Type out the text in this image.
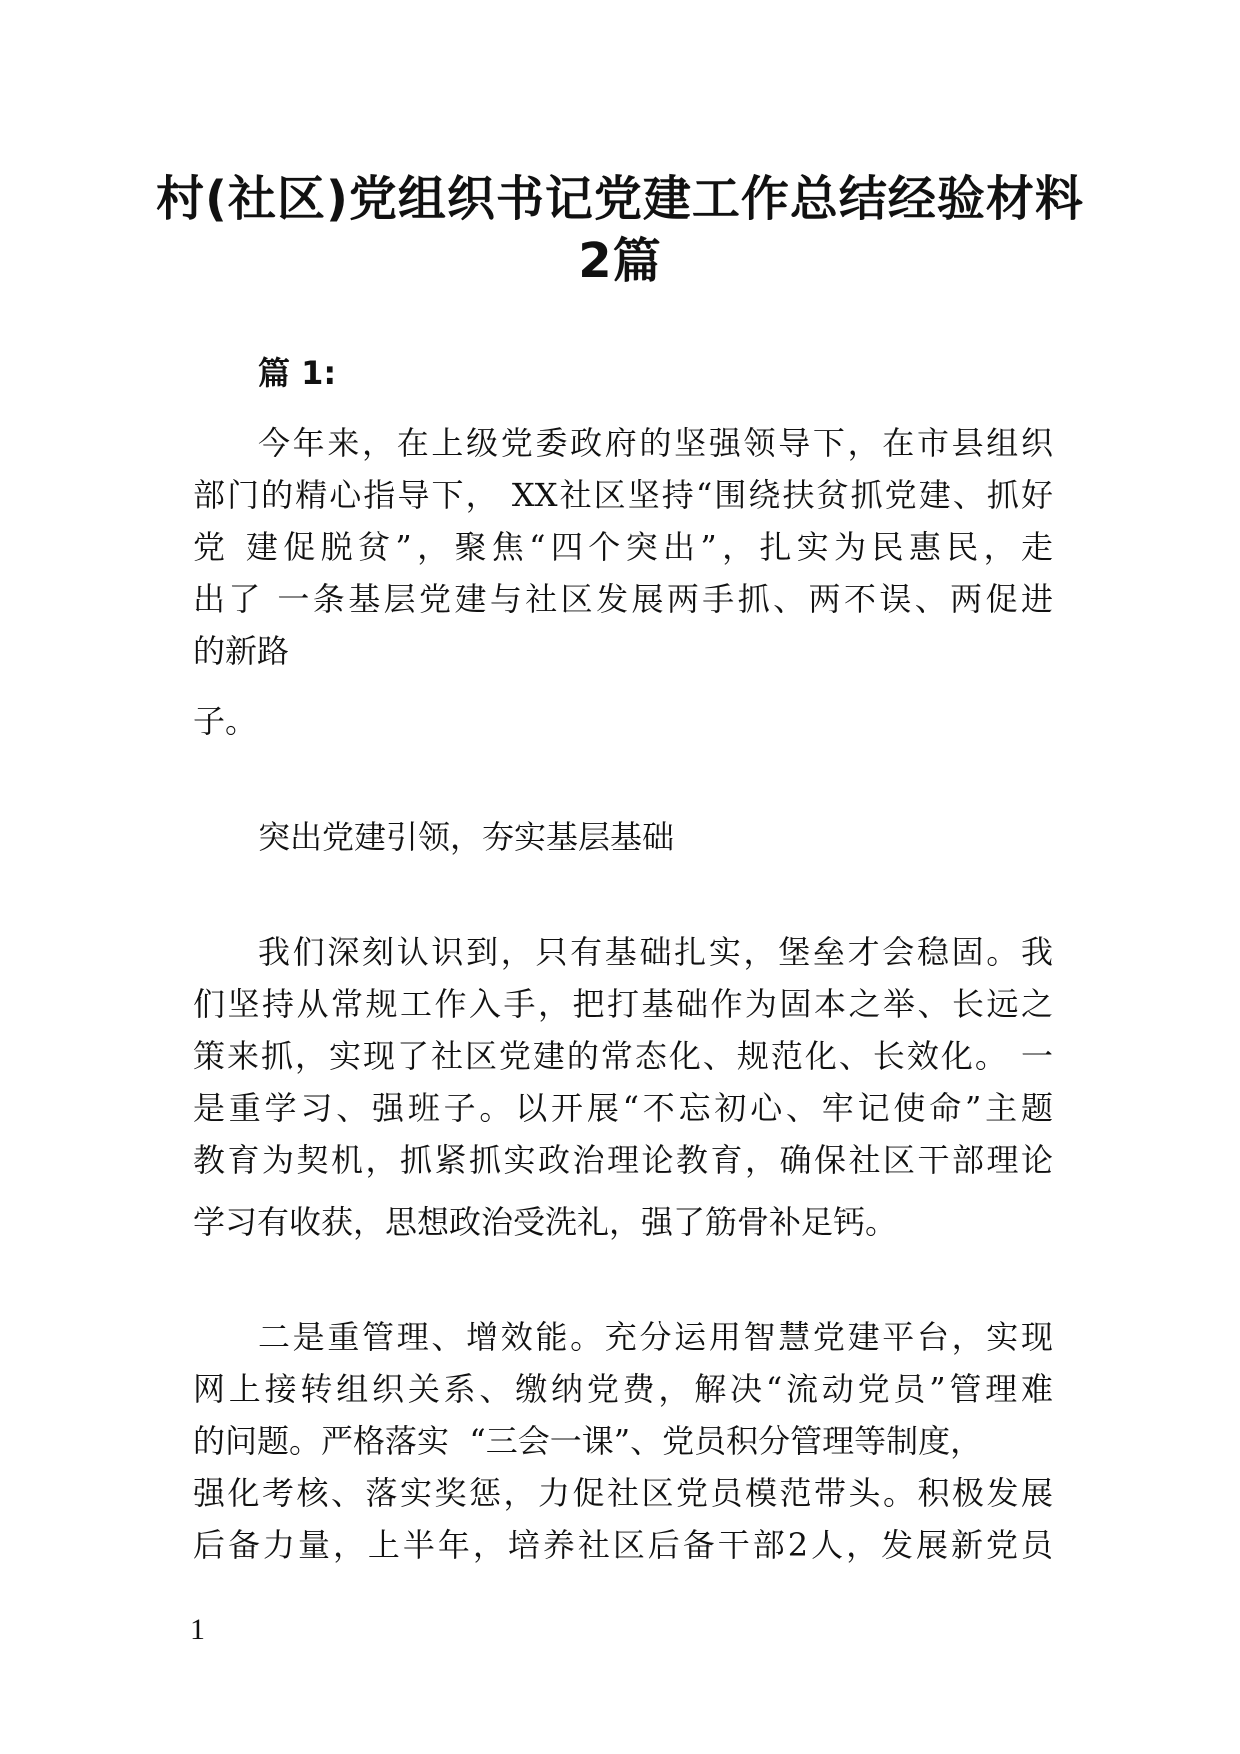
村(社区)党组织书记党建工作总结经验材料
2篇
篇 1:

今年来，在上级党委政府的坚强领导下，在市县组织

部门的精心指导下， XX社区坚持“围绕扶贫抓党建、抓好

党 建促脱贫”，聚焦“四个突出”，扎实为民惠民，走

出了 一条基层党建与社区发展两手抓、两不误、两促进

的新路

子。

突出党建引领，夯实基层基础

我们深刻认识到，只有基础扎实，堡垒才会稳固。我

们坚持从常规工作入手，把打基础作为固本之举、长远之

策来抓，实现了社区党建的常态化、规范化、长效化。 一

是重学习、强班子。以开展“不忘初心、牢记使命”主题

教育为契机，抓紧抓实政治理论教育，确保社区干部理论

学习有收获，思想政治受洗礼，强了筋骨补足钙。

二是重管理、增效能。充分运用智慧党建平台，实现

网上接转组织关系、缴纳党费，解决“流动党员”管理难

的问题。严格落实  “三会一课”、党员积分管理等制度，

强化考核、落实奖惩，力促社区党员模范带头。积极发展

后备力量，上半年，培养社区后备干部2人，发展新党员

1
